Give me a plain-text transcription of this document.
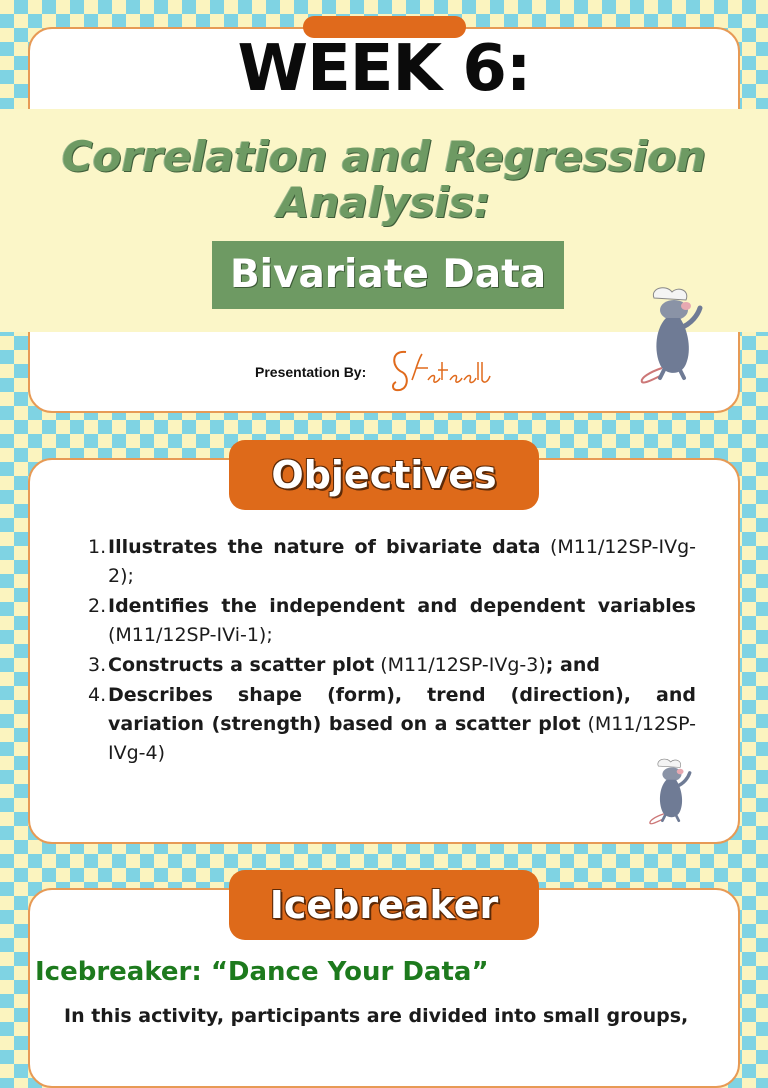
WEEK 6:
Correlation and Regression
Analysis:
Bivariate Data
Presentation By:
Objectives
1. Illustrates the nature of bivariate data (M11/12SP-IVg-2);
2. Identifies the independent and dependent variables (M11/12SP-IVi-1);
3. Constructs a scatter plot (M11/12SP-IVg-3); and
4. Describes shape (form), trend (direction), and variation (strength) based on a scatter plot (M11/12SP-IVg-4)
Icebreaker
Icebreaker: “Dance Your Data”
In this activity, participants are divided into small groups,
